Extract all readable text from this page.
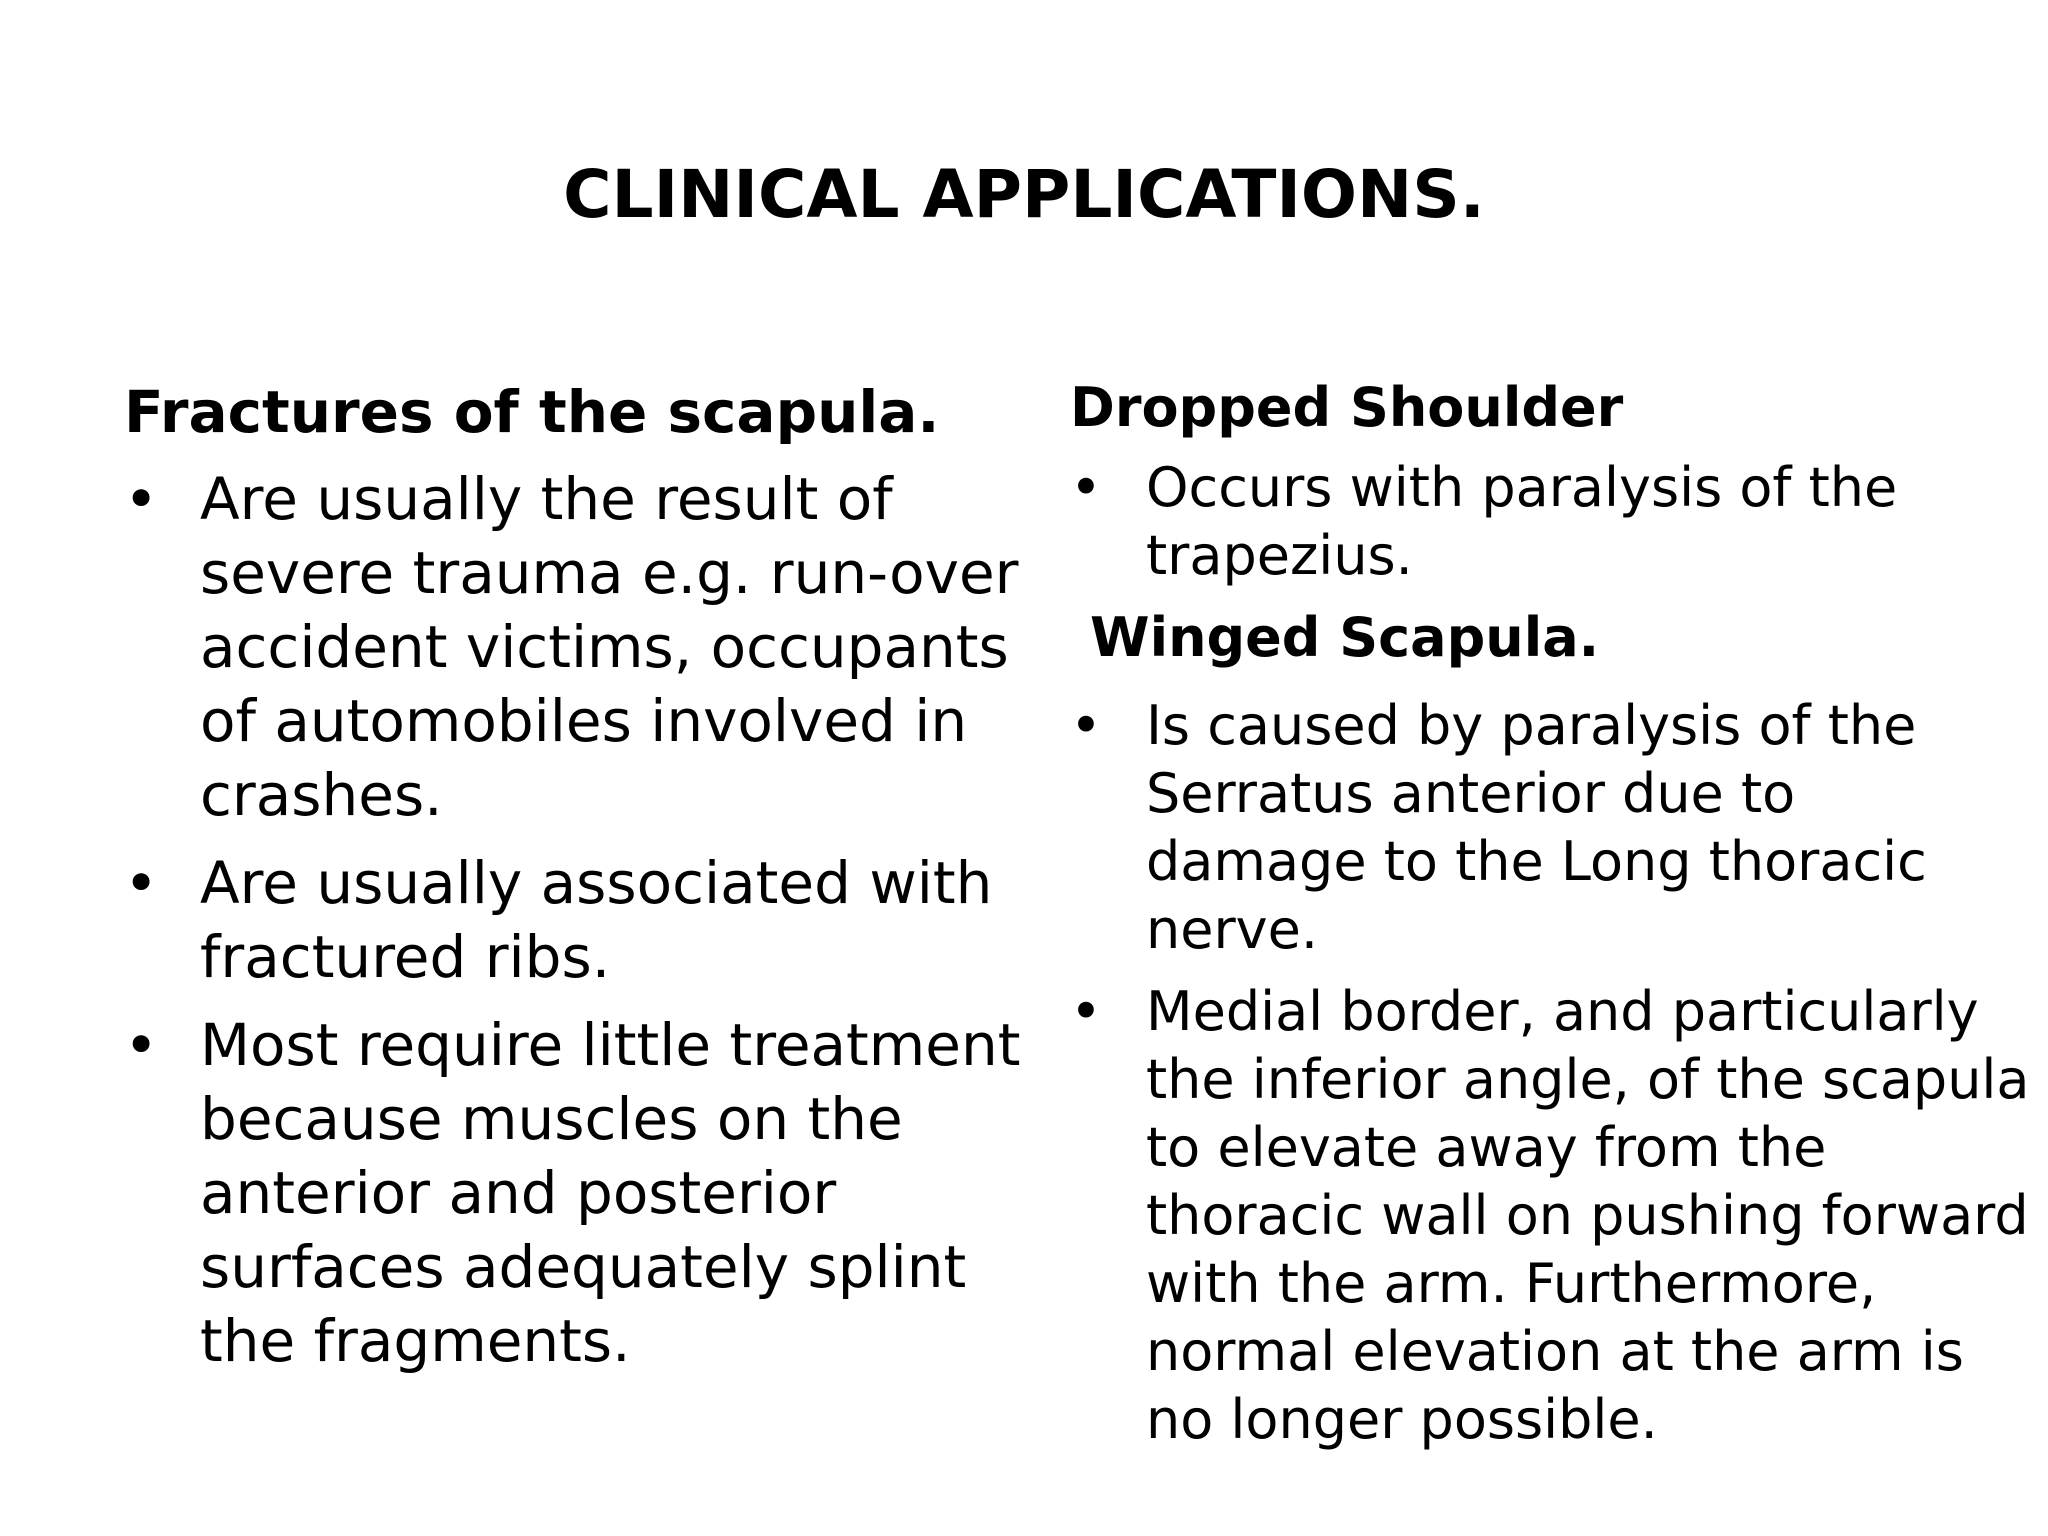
CLINICAL APPLICATIONS.

Fractures of the scapula.

• Are usually the result of severe trauma e.g. run-over accident victims, occupants of automobiles involved in crashes.
• Are usually associated with fractured ribs.
• Most require little treatment because muscles on the anterior and posterior surfaces adequately splint the fragments.

Dropped Shoulder

• Occurs with paralysis of the trapezius.

Winged Scapula.

• Is caused by paralysis of the Serratus anterior due to damage to the Long thoracic nerve.
• Medial border, and particularly the inferior angle, of the scapula to elevate away from the thoracic wall on pushing forward with the arm. Furthermore, normal elevation at the arm is no longer possible.
